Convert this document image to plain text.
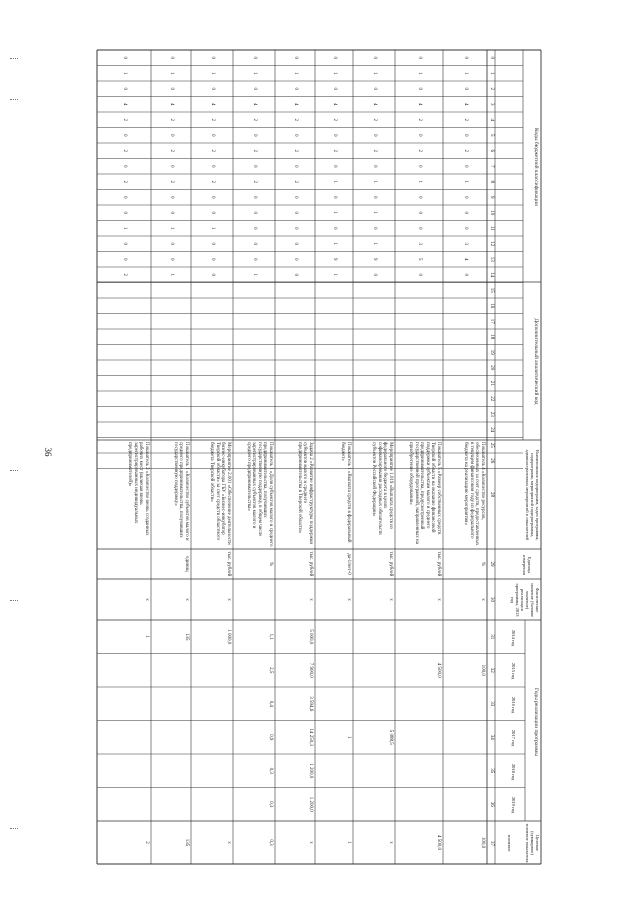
36
Коды бюджетной классификации
Дополнительный аналитический код
Наименования подпрограмм, задач программы, подпрограмм, мероприятий подпрограммы, административных мероприятий и показателей
Единица измерения
Фактическое значение (базовое значение) реализации программы, 2013 год
Годы реализации программы
Целевое (суммарное) значение показателя
значение
2014 год
2015 год
2016 год
2017 год
2018 год
2019 год
0
1
2
3
4
5
6
7
8
9
10
11
12
13
14
15
16
17
18
19
20
21
22
23
24
25
26
28
29
30
31
32
33
34
35
36
37
0
1
0
4
2
0
2
0
1
0
0
0
3
4
0
Показатель 4 «Количество ресурсов, обеспеченных за счет средств, предоставленных в текущем финансовом году из федерального бюджета на реализацию мероприятия»
%
х
100,0
100,0
0
1
0
4
2
0
2
0
1
0
0
0
3
5
0
Показатель 5 «Размер собственных средств Тверской области на оказание финансовой поддержки субъектам малого и среднего предпринимательства, предусмотренный государственной программой, направленных на приобретение оборудования»
тыс. рублей
х
4 500,0
4 500,0
0
1
0
4
2
0
2
0
1
0
1
0
1
9
0
Мероприятие 1.019 «Выплата средств из федерального бюджета в целях софинансирования расходных обязательств субъектов Российской Федерации»
тыс. рублей
х
5 088,5
х
0
1
0
4
2
0
2
0
1
0
1
0
1
9
1
Показатель 1 «Выплата средств в федеральный бюджет»
да-1/нет-0
х
1
1
0
1
0
4
2
0
2
0
2
0
0
0
0
0
0
Задача 2 «Развитие инфраструктуры поддержки субъектов малого и среднего предпринимательства в Тверской области»
тыс. рублей
х
5 000,0
7 900,0
3 594,6
14 250,3
1 200,0
1 200,0
х
0
1
0
4
2
0
2
0
2
0
0
0
0
0
1
Показатель 1 «Доля субъектов малого и среднего предпринимательства, получивших государственную поддержку, в общем числе зарегистрированных субъектов малого и среднего предпринимательства»
%
1,1
2,5
0,4
0,9
0,3
0,3
0,3
0
1
0
4
2
0
2
0
2
0
0
1
0
0
0
Мероприятие 2.001 «Обеспечение деятельности бизнес-инкубатора ГБУ «Бизнес-инкубатор Тверской области» за счет средств областного бюджета Тверской области»
тыс. рублей
х
1 000,0
х
0
1
0
4
2
0
2
0
2
0
0
1
0
0
1
Показатель 1 «Количество субъектов малого и среднего предпринимательства, получивших государственную поддержку»
единиц
х
135
135
0
1
0
4
2
0
2
0
2
0
0
1
0
0
2
Показатель 2 «Количество вновь созданных рабочих мест (включая вновь зарегистрированных индивидуальных предпринимателей)»
х
1
2
